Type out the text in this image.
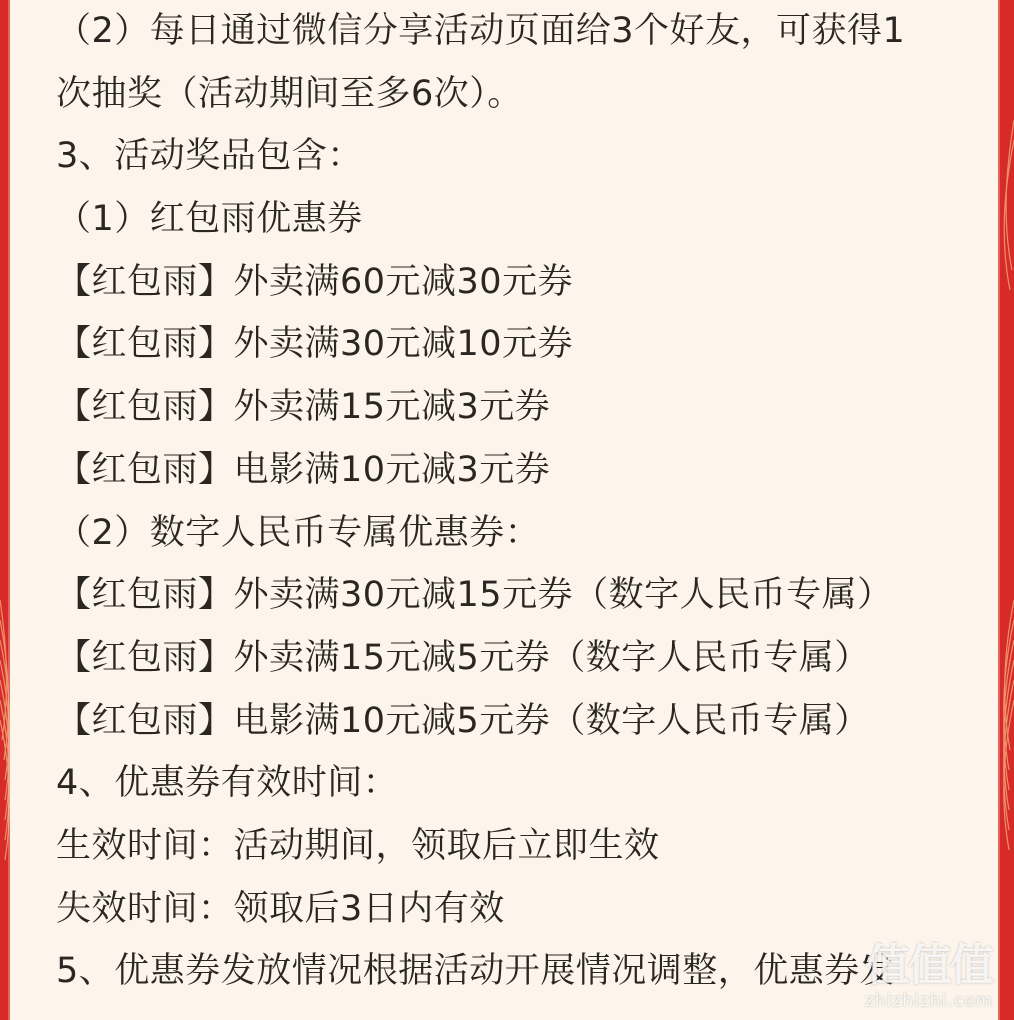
（2）每日通过微信分享活动页面给3个好友，可获得1
次抽奖（活动期间至多6次）。
3、活动奖品包含：
（1）红包雨优惠券
【红包雨】外卖满60元减30元券
【红包雨】外卖满30元减10元券
【红包雨】外卖满15元减3元券
【红包雨】电影满10元减3元券
（2）数字人民币专属优惠券：
【红包雨】外卖满30元减15元券（数字人民币专属）
【红包雨】外卖满15元减5元券（数字人民币专属）
【红包雨】电影满10元减5元券（数字人民币专属）
4、优惠券有效时间：
生效时间：活动期间，领取后立即生效
失效时间：领取后3日内有效
5、优惠券发放情况根据活动开展情况调整，优惠券发
值值值
zhizhizhi.com
